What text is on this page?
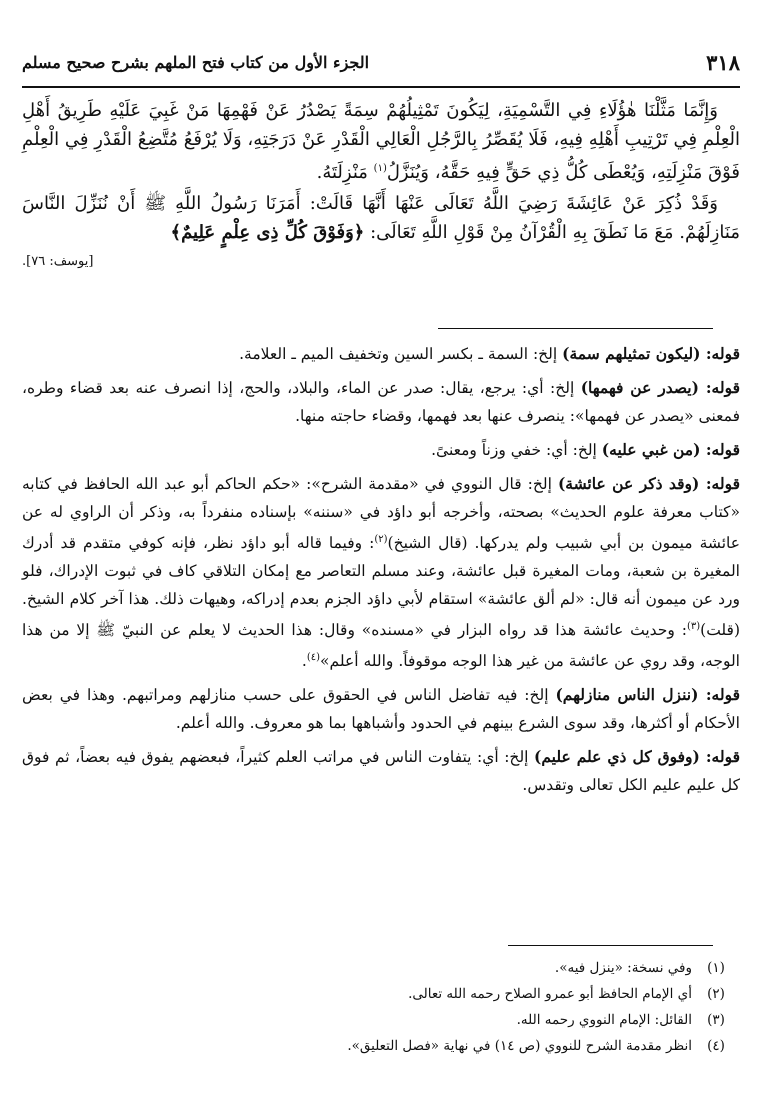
٣١٨
الجزء الأول من كتاب فتح الملهم بشرح صحيح مسلم

وَإِنَّمَا مَثَّلْنَا هٰؤُلَاءِ فِي التَّسْمِيَةِ، لِيَكُونَ تَمْثِيلُهُمْ سِمَةً يَصْدُرُ عَنْ فَهْمِهَا مَنْ غَبِيَ عَلَيْهِ طَرِيقُ أَهْلِ الْعِلْمِ فِي تَرْتِيبِ أَهْلِهِ فِيهِ، فَلَا يُقَصِّرُ بِالرَّجُلِ الْعَالِي الْقَدْرِ عَنْ دَرَجَتِهِ، وَلَا يُرْفَعُ مُتَّضِعُ الْقَدْرِ فِي الْعِلْمِ فَوْقَ مَنْزِلَتِهِ، وَيُعْطَى كُلُّ ذِي حَقٍّ فِيهِ حَقَّهُ، وَيُنَزَّلُ$^{(١)}$ مَنْزِلَتَهُ.

وَقَدْ ذُكِرَ عَنْ عَائِشَةَ رَضِيَ اللَّهُ تَعَالَى عَنْهَا أَنَّهَا قَالَتْ: أَمَرَنَا رَسُولُ اللَّهِ ﷺ أَنْ نُنَزِّلَ النَّاسَ مَنَازِلَهُمْ. مَعَ مَا نَطَقَ بِهِ الْقُرْآنُ مِنْ قَوْلِ اللَّهِ تَعَالَى: ﴿وَفَوْقَ كُلِّ ذِى عِلْمٍ عَلِيمٌ﴾
[يوسف: ٧٦].

قوله: (ليكون تمثيلهم سمة) إلخ: السمة ـ بكسر السين وتخفيف الميم ـ العلامة.
قوله: (يصدر عن فهمها) إلخ: أي: يرجع، يقال: صدر عن الماء، والبلاد، والحج، إذا انصرف عنه بعد قضاء وطره، فمعنى «يصدر عن فهمها»: ينصرف عنها بعد فهمها، وقضاء حاجته منها.
قوله: (من غبي عليه) إلخ: أي: خفي وزناً ومعنىً.
قوله: (وقد ذكر عن عائشة) إلخ: قال النووي في «مقدمة الشرح»: «حكم الحاكم أبو عبد الله الحافظ في كتابه «كتاب معرفة علوم الحديث» بصحته، وأخرجه أبو داؤد في «سننه» بإسناده منفرداً به، وذكر أن الراوي له عن عائشة ميمون بن أبي شبيب ولم يدركها. (قال الشيخ)$^{(٢)}$: وفيما قاله أبو داؤد نظر، فإنه كوفي متقدم قد أدرك المغيرة بن شعبة، ومات المغيرة قبل عائشة، وعند مسلم التعاصر مع إمكان التلاقي كاف في ثبوت الإدراك، فلو ورد عن ميمون أنه قال: «لم ألق عائشة» استقام لأبي داؤد الجزم بعدم إدراكه، وهيهات ذلك. هذا آخر كلام الشيخ. (قلت)$^{(٣)}$: وحديث عائشة هذا قد رواه البزار في «مسنده» وقال: هذا الحديث لا يعلم عن النبيّ ﷺ إلا من هذا الوجه، وقد روي عن عائشة من غير هذا الوجه موقوفاً. والله أعلم»$^{(٤)}$.
قوله: (ننزل الناس منازلهم) إلخ: فيه تفاضل الناس في الحقوق على حسب منازلهم ومراتبهم. وهذا في بعض الأحكام أو أكثرها، وقد سوى الشرع بينهم في الحدود وأشباهها بما هو معروف. والله أعلم.
قوله: (وفوق كل ذي علم عليم) إلخ: أي: يتفاوت الناس في مراتب العلم كثيراً، فبعضهم يفوق فيه بعضاً، ثم فوق كل عليم عليم الكل تعالى وتقدس.
(١)
وفي نسخة: «ينزل فيه».
(٢)
أي الإمام الحافظ أبو عمرو الصلاح رحمه الله تعالى.
(٣)
القائل: الإمام النووي رحمه الله.
(٤)
انظر مقدمة الشرح للنووي (ص ١٤) في نهاية «فصل التعليق».
